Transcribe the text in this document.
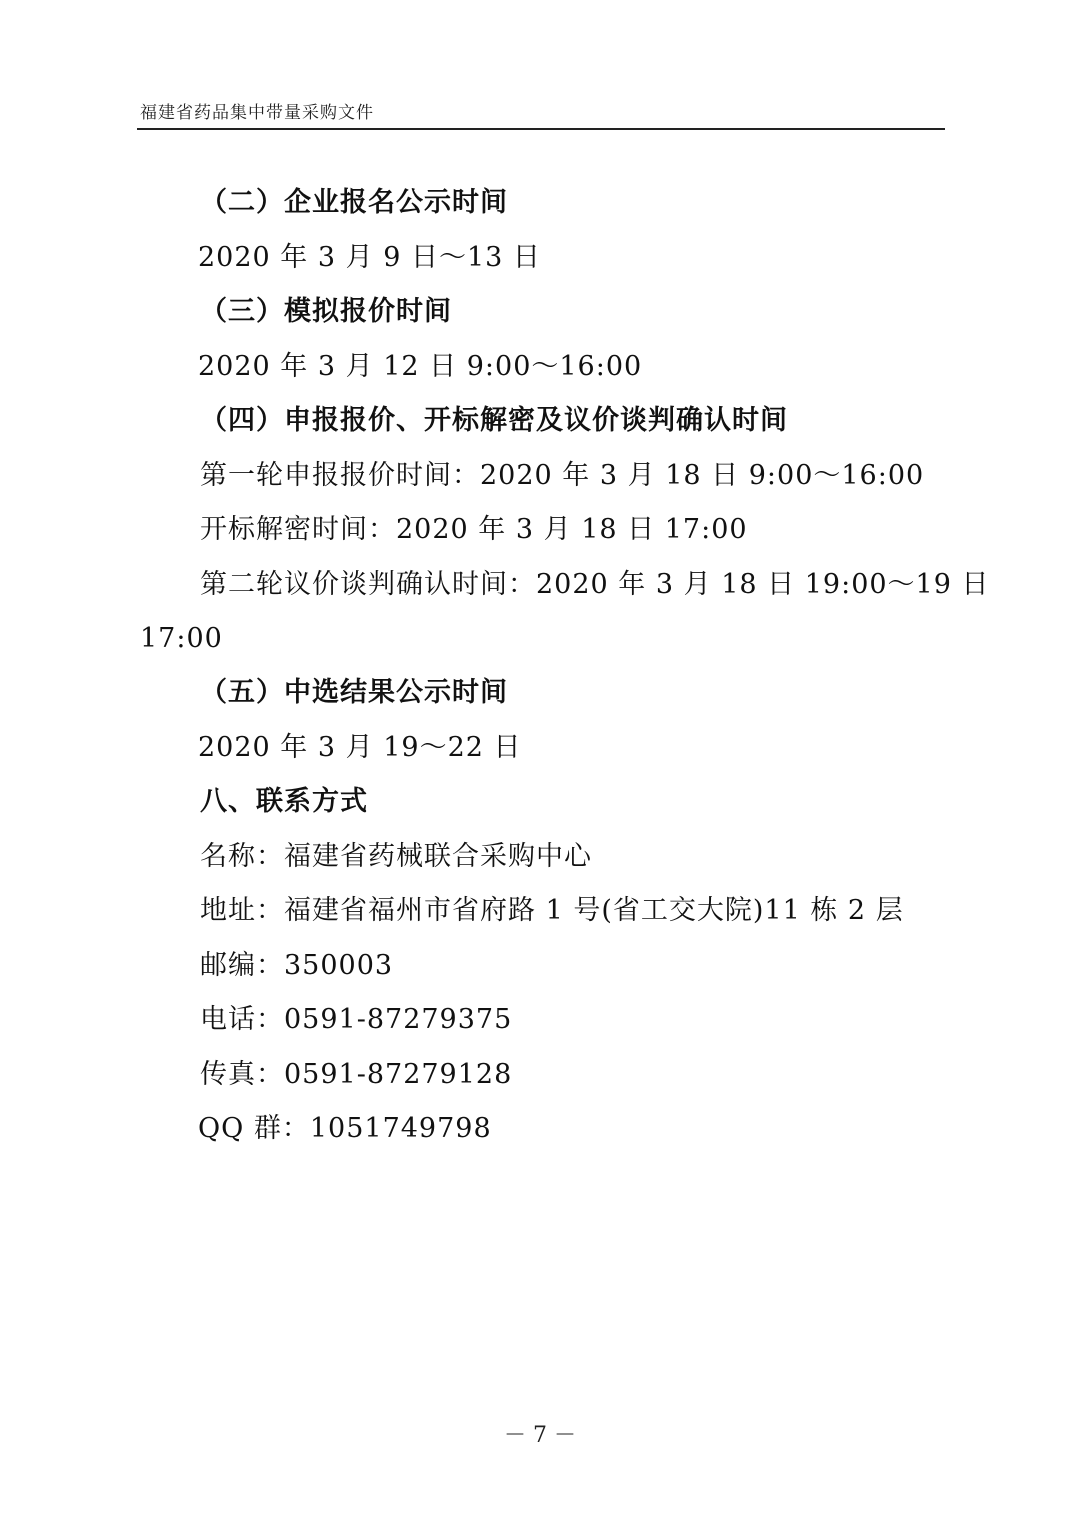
福建省药品集中带量采购文件
（二）企业报名公示时间
2020 年 3 月 9 日～13 日
（三）模拟报价时间
2020 年 3 月 12 日 9:00～16:00
（四）申报报价、开标解密及议价谈判确认时间
第一轮申报报价时间：2020 年 3 月 18 日 9:00～16:00
开标解密时间：2020 年 3 月 18 日 17:00
第二轮议价谈判确认时间：2020 年 3 月 18 日 19:00～19 日
17:00
（五）中选结果公示时间
2020 年 3 月 19～22 日
八、联系方式
名称：福建省药械联合采购中心
地址：福建省福州市省府路 1 号(省工交大院)11 栋 2 层
邮编：350003
电话：0591-87279375
传真：0591-87279128
QQ 群：1051749798
－ 7 －
